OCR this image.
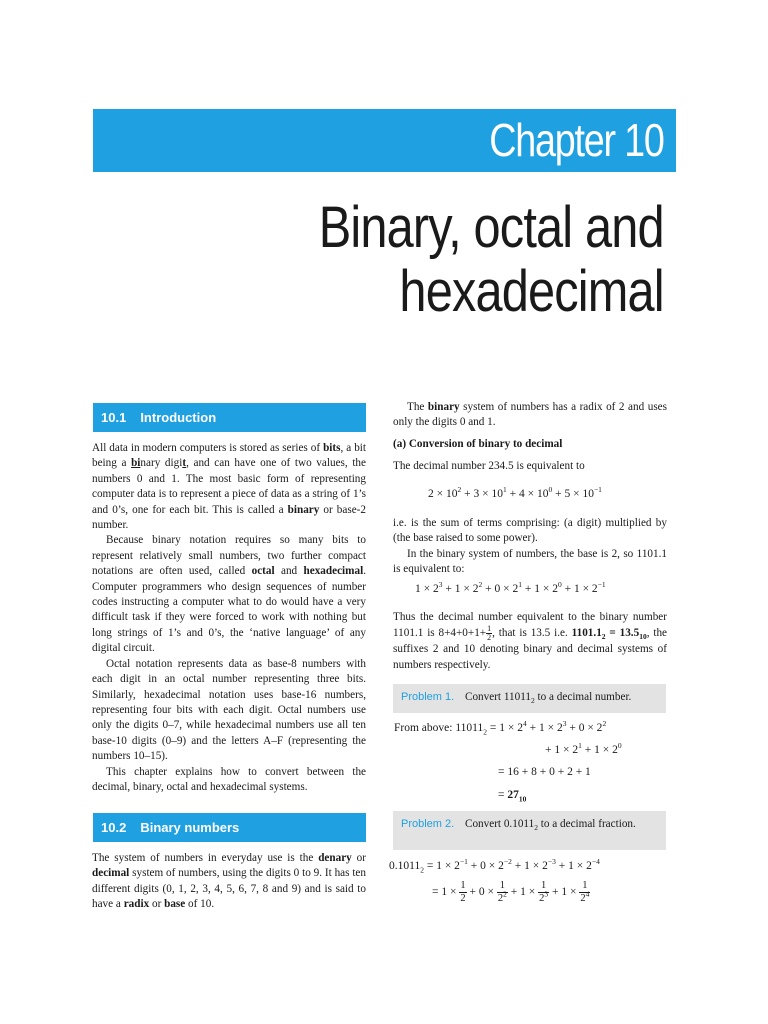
Chapter 10
Binary, octal and
hexadecimal
10.1 Introduction

All data in modern computers is stored as series of bits, a bit being a binary digit, and can have one of two values, the numbers 0 and 1. The most basic form of representing computer data is to represent a piece of data as a string of 1’s and 0’s, one for each bit. This is called a binary or base-2 number.

Because binary notation requires so many bits to represent relatively small numbers, two further compact notations are often used, called octal and hexadecimal. Computer programmers who design sequences of number codes instructing a computer what to do would have a very difficult task if they were forced to work with nothing but long strings of 1’s and 0’s, the ‘native language’ of any digital circuit.

Octal notation represents data as base-8 numbers with each digit in an octal number representing three bits. Similarly, hexadecimal notation uses base-16 numbers, representing four bits with each digit. Octal numbers use only the digits 0–7, while hexadecimal numbers use all ten base-10 digits (0–9) and the letters A–F (representing the numbers 10–15).

This chapter explains how to convert between the decimal, binary, octal and hexadecimal systems.

10.2 Binary numbers

The system of numbers in everyday use is the denary or decimal system of numbers, using the digits 0 to 9. It has ten different digits (0, 1, 2, 3, 4, 5, 6, 7, 8 and 9) and is said to have a radix or base of 10.

The binary system of numbers has a radix of 2 and uses only the digits 0 and 1.

(a) Conversion of binary to decimal

The decimal number 234.5 is equivalent to

$2 \times 10^2 + 3 \times 10^1 + 4 \times 10^0 + 5 \times 10^{-1}$

i.e. is the sum of terms comprising: (a digit) multiplied by (the base raised to some power).

In the binary system of numbers, the base is 2, so 1101.1 is equivalent to:

$1 \times 2^3 + 1 \times 2^2 + 0 \times 2^1 + 1 \times 2^0 + 1 \times 2^{-1}$

Thus the decimal number equivalent to the binary number 1101.1 is $8+4+0+1+ \frac{1}{2}$ , that is 13.5 i.e. $1101.1_2 = 13.5_{10}$, the suffixes 2 and 10 denoting binary and decimal systems of numbers respectively.

Problem 1. Convert $11011_2$ to a decimal number.
From above: $11011_2 = 1 \times 2^4 + 1 \times 2^3 + 0 \times 2^2$
+ $1 \times 2^1 + 1 \times 2^0$
= 16 + 8 + 0 + 2 + 1
= $27_{10}$
Problem 2. Convert $0.1011_2$ to a decimal fraction.
$0.1011_2 = 1 \times 2^{-1} + 0 \times 2^{-2} + 1 \times 2^{-3} + 1 \times 2^{-4}$
= $1 \times \frac{1}{2} + 0 \times \frac{1}{2^2} + 1 \times \frac{1}{2^3} + 1 \times \frac{1}{2^4}$
